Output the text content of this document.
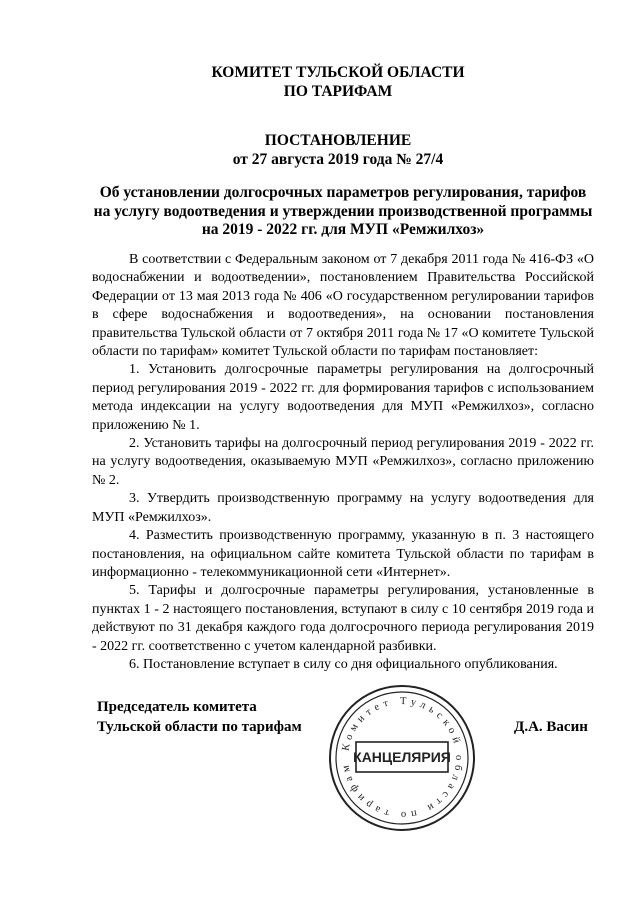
КОМИТЕТ ТУЛЬСКОЙ ОБЛАСТИ
ПО ТАРИФАМ
ПОСТАНОВЛЕНИЕ
от 27 августа 2019 года № 27/4
Об установлении долгосрочных параметров регулирования, тарифов на услугу водоотведения и утверждении производственной программы на 2019 - 2022 гг. для МУП «Ремжилхоз»

В соответствии с Федеральным законом от 7 декабря 2011 года № 416-ФЗ «О водоснабжении и водоотведении», постановлением Правительства Российской Федерации от 13 мая 2013 года № 406 «О государственном регулировании тарифов в сфере водоснабжения и водоотведения», на основании постановления правительства Тульской области от 7 октября 2011 года № 17 «О комитете Тульской области по тарифам» комитет Тульской области по тарифам постановляет:

1. Установить долгосрочные параметры регулирования на долгосрочный период регулирования 2019 - 2022 гг. для формирования тарифов с использованием метода индексации на услугу водоотведения для МУП «Ремжилхоз», согласно приложению № 1.

2. Установить тарифы на долгосрочный период регулирования 2019 - 2022 гг. на услугу водоотведения, оказываемую МУП «Ремжилхоз», согласно приложению № 2.

3. Утвердить производственную программу на услугу водоотведения для МУП «Ремжилхоз».

4. Разместить производственную программу, указанную в п. 3 настоящего постановления, на официальном сайте комитета Тульской области по тарифам в информационно - телекоммуникационной сети «Интернет».

5. Тарифы и долгосрочные параметры регулирования, установленные в пунктах 1 - 2 настоящего постановления, вступают в силу с 10 сентября 2019 года и действуют по 31 декабря каждого года долгосрочного периода регулирования 2019 - 2022 гг. соответственно с учетом календарной разбивки.

6. Постановление вступает в силу со дня официального опубликования.

Председатель комитета
Тульской области по тарифам	Д.А. Васин
Комитет Тульской области по тарифам
КАНЦЕЛЯРИЯ
